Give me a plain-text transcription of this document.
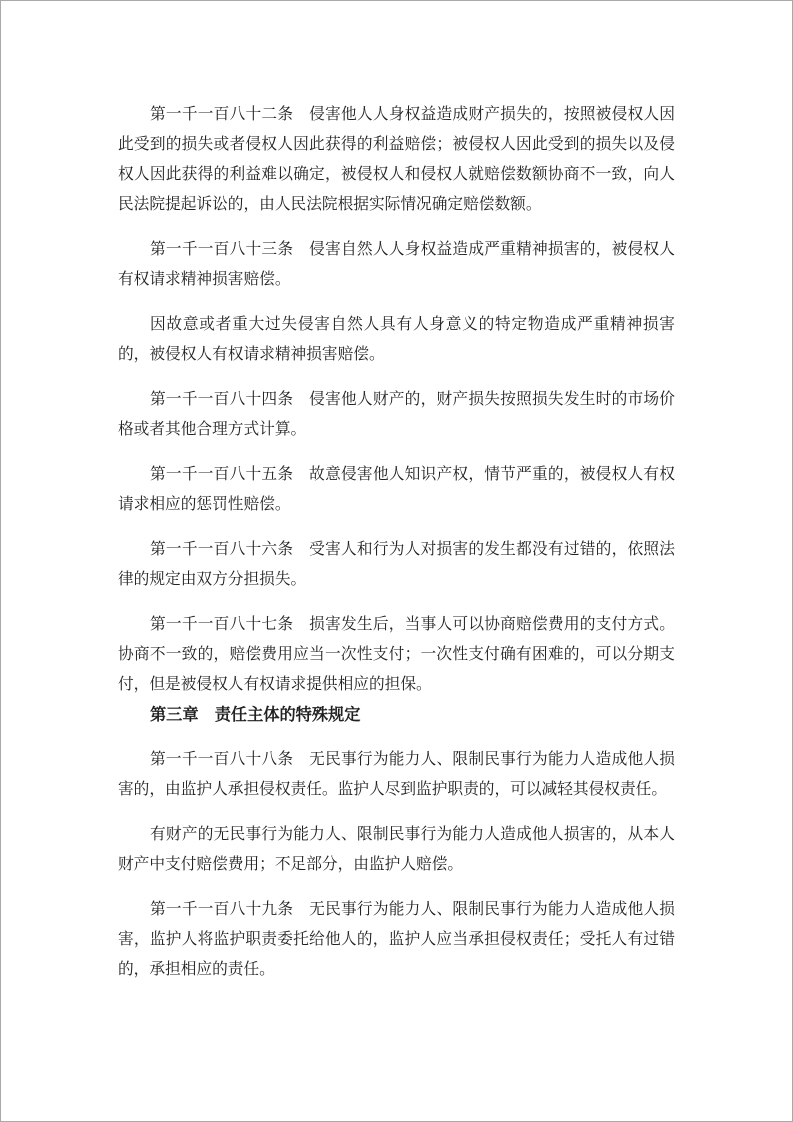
第一千一百八十二条　侵害他人人身权益造成财产损失的，按照被侵权人因此受到的损失或者侵权人因此获得的利益赔偿；被侵权人因此受到的损失以及侵权人因此获得的利益难以确定，被侵权人和侵权人就赔偿数额协商不一致，向人民法院提起诉讼的，由人民法院根据实际情况确定赔偿数额。

第一千一百八十三条　侵害自然人人身权益造成严重精神损害的，被侵权人有权请求精神损害赔偿。

因故意或者重大过失侵害自然人具有人身意义的特定物造成严重精神损害的，被侵权人有权请求精神损害赔偿。

第一千一百八十四条　侵害他人财产的，财产损失按照损失发生时的市场价格或者其他合理方式计算。

第一千一百八十五条　故意侵害他人知识产权，情节严重的，被侵权人有权请求相应的惩罚性赔偿。

第一千一百八十六条　受害人和行为人对损害的发生都没有过错的，依照法律的规定由双方分担损失。

第一千一百八十七条　损害发生后，当事人可以协商赔偿费用的支付方式。协商不一致的，赔偿费用应当一次性支付；一次性支付确有困难的，可以分期支付，但是被侵权人有权请求提供相应的担保。

第三章　责任主体的特殊规定

第一千一百八十八条　无民事行为能力人、限制民事行为能力人造成他人损害的，由监护人承担侵权责任。监护人尽到监护职责的，可以减轻其侵权责任。

有财产的无民事行为能力人、限制民事行为能力人造成他人损害的，从本人财产中支付赔偿费用；不足部分，由监护人赔偿。

第一千一百八十九条　无民事行为能力人、限制民事行为能力人造成他人损害，监护人将监护职责委托给他人的，监护人应当承担侵权责任；受托人有过错的，承担相应的责任。
